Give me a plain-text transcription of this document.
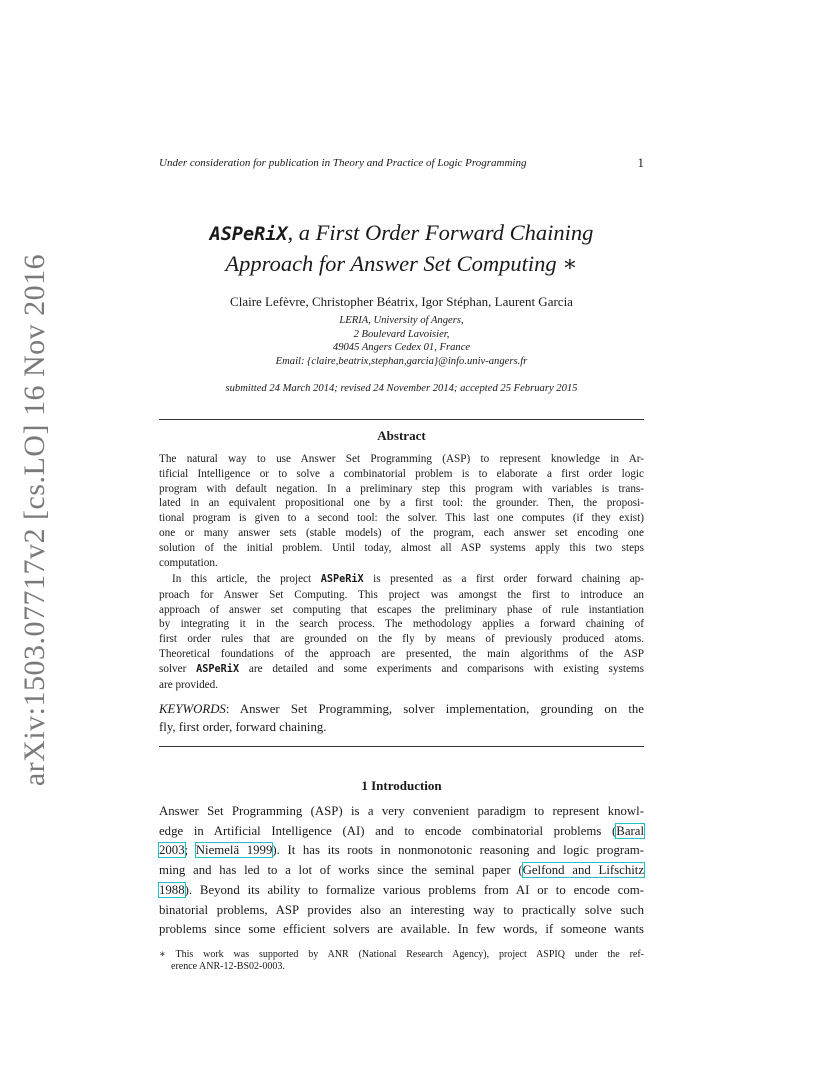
arXiv:1503.07717v2 [cs.LO] 16 Nov 2016
Under consideration for publication in Theory and Practice of Logic Programming	1
ASPeRiX, a First Order Forward Chaining
Approach for Answer Set Computing ∗
Claire Lefèvre, Christopher Béatrix, Igor Stéphan, Laurent Garcia
LERIA, University of Angers,
2 Boulevard Lavoisier,
49045 Angers Cedex 01, France
Email: {claire,beatrix,stephan,garcia}@info.univ-angers.fr
submitted 24 March 2014; revised 24 November 2014; accepted 25 February 2015
Abstract

The natural way to use Answer Set Programming (ASP) to represent knowledge in Ar-
tificial Intelligence or to solve a combinatorial problem is to elaborate a first order logic
program with default negation. In a preliminary step this program with variables is trans-
lated in an equivalent propositional one by a first tool: the grounder. Then, the proposi-
tional program is given to a second tool: the solver. This last one computes (if they exist)
one or many answer sets (stable models) of the program, each answer set encoding one
solution of the initial problem. Until today, almost all ASP systems apply this two steps
computation.

In this article, the project ASPeRiX is presented as a first order forward chaining ap-
proach for Answer Set Computing. This project was amongst the first to introduce an
approach of answer set computing that escapes the preliminary phase of rule instantiation
by integrating it in the search process. The methodology applies a forward chaining of
first order rules that are grounded on the fly by means of previously produced atoms.
Theoretical foundations of the approach are presented, the main algorithms of the ASP
solver ASPeRiX are detailed and some experiments and comparisons with existing systems
are provided.

KEYWORDS: Answer Set Programming, solver implementation, grounding on the
fly, first order, forward chaining.
1 Introduction
Answer Set Programming (ASP) is a very convenient paradigm to represent knowl-
edge in Artificial Intelligence (AI) and to encode combinatorial problems (Baral
2003; Niemelä 1999). It has its roots in nonmonotonic reasoning and logic program-
ming and has led to a lot of works since the seminal paper (Gelfond and Lifschitz
1988). Beyond its ability to formalize various problems from AI or to encode com-
binatorial problems, ASP provides also an interesting way to practically solve such
problems since some efficient solvers are available. In few words, if someone wants
∗ This work was supported by ANR (National Research Agency), project ASPIQ under the ref-
erence ANR-12-BS02-0003.
